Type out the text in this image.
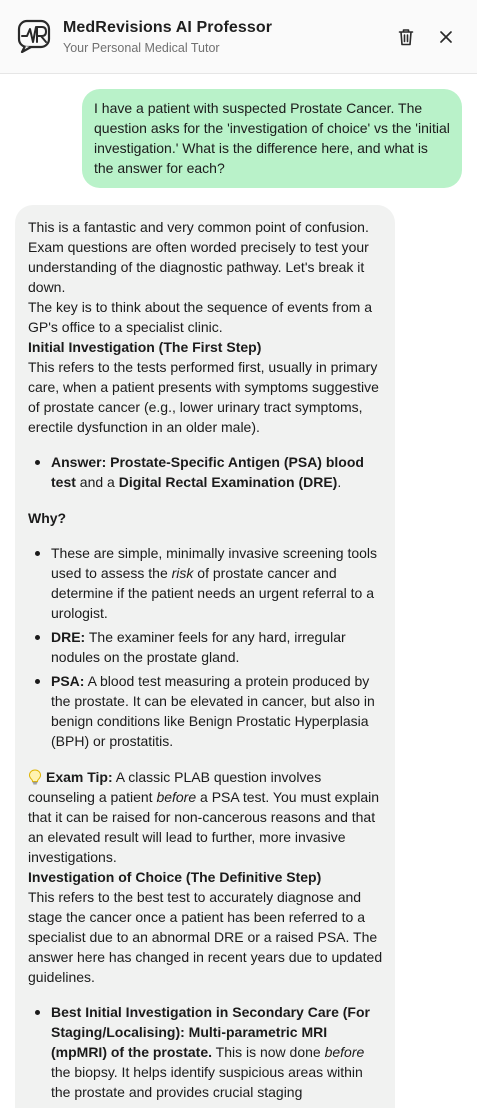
MedRevisions AI Professor
Your Personal Medical Tutor
I have a patient with suspected Prostate Cancer. The question asks for the 'investigation of choice' vs the 'initial investigation.' What is the difference here, and what is the answer for each?

This is a fantastic and very common point of confusion. Exam questions are often worded precisely to test your understanding of the diagnostic pathway. Let's break it down.

The key is to think about the sequence of events from a GP's office to a specialist clinic.

Initial Investigation (The First Step)

This refers to the tests performed first, usually in primary care, when a patient presents with symptoms suggestive of prostate cancer (e.g., lower urinary tract symptoms, erectile dysfunction in an older male).

Answer: Prostate-Specific Antigen (PSA) blood test and a Digital Rectal Examination (DRE).

Why?

These are simple, minimally invasive screening tools used to assess the risk of prostate cancer and determine if the patient needs an urgent referral to a urologist.
DRE: The examiner feels for any hard, irregular nodules on the prostate gland.
PSA: A blood test measuring a protein produced by the prostate. It can be elevated in cancer, but also in benign conditions like Benign Prostatic Hyperplasia (BPH) or prostatitis.

Exam Tip: A classic PLAB question involves counseling a patient before a PSA test. You must explain that it can be raised for non-cancerous reasons and that an elevated result will lead to further, more invasive investigations.

Investigation of Choice (The Definitive Step)

This refers to the best test to accurately diagnose and stage the cancer once a patient has been referred to a specialist due to an abnormal DRE or a raised PSA. The answer here has changed in recent years due to updated guidelines.

Best Initial Investigation in Secondary Care (For Staging/Localising): Multi-parametric MRI (mpMRI) of the prostate. This is now done before the biopsy. It helps identify suspicious areas within the prostate and provides crucial staging
